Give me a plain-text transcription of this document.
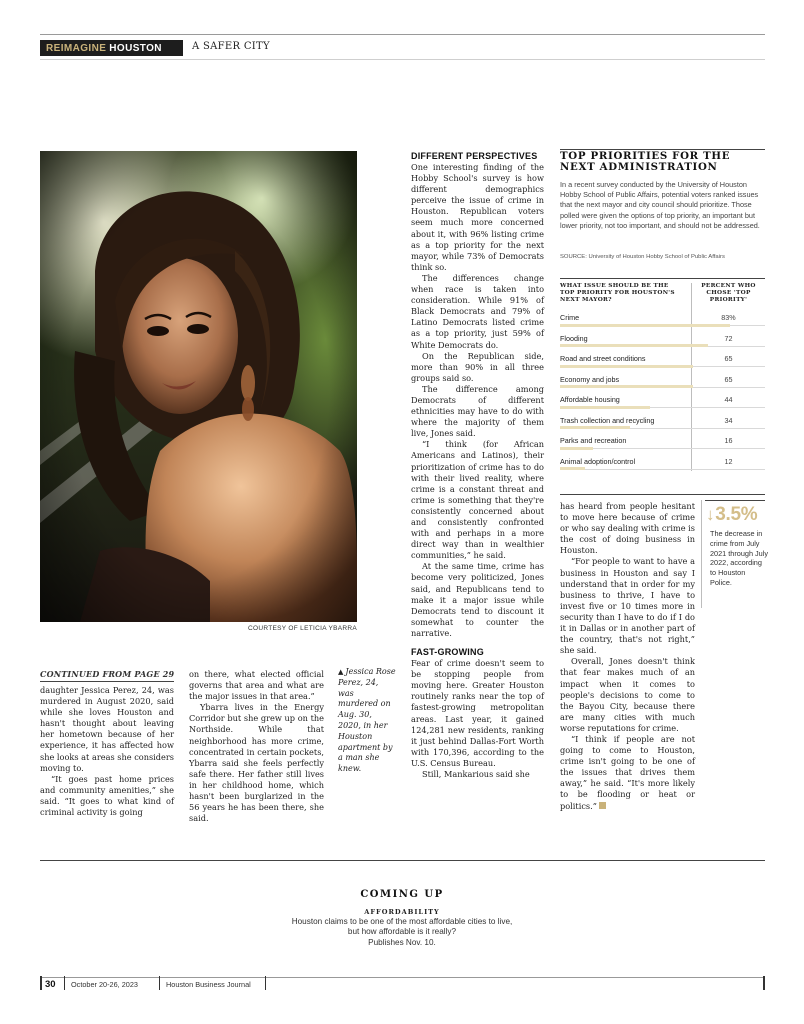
REIMAGINE HOUSTON	A SAFER CITY
COURTESY OF LETICIA YBARRA
CONTINUED FROM PAGE 29

daughter Jessica Perez, 24, was murdered in August 2020, said while she loves Houston and hasn't thought about leaving her hometown because of her experience, it has affected how she looks at areas she considers moving to.

“It goes past home prices and community amenities,” she said. “It goes to what kind of criminal activity is going

on there, what elected official governs that area and what are the major issues in that area.”

Ybarra lives in the Energy Corridor but she grew up on the Northside. While that neighborhood has more crime, concentrated in certain pockets, Ybarra said she feels perfectly safe there. Her father still lives in her childhood home, which hasn't been burglarized in the 56 years he has been there, she said.

▲ Jessica Rose Perez, 24, was murdered on Aug. 30, 2020, in her Houston apartment by a man she knew.
DIFFERENT PERSPECTIVES

One interesting finding of the Hobby School's survey is how different demographics perceive the issue of crime in Houston. Republican voters seem much more concerned about it, with 96% listing crime as a top priority for the next mayor, while 73% of Democrats think so.

The differences change when race is taken into consideration. While 91% of Black Democrats and 79% of Latino Democrats listed crime as a top priority, just 59% of White Democrats do.

On the Republican side, more than 90% in all three groups said so.

The difference among Democrats of different ethnicities may have to do with where the majority of them live, Jones said.

“I think (for African Americans and Latinos), their prioritization of crime has to do with their lived reality, where crime is a constant threat and crime is something that they're consistently concerned about and consistently confronted with and perhaps in a more direct way than in wealthier communities,” he said.

At the same time, crime has become very politicized, Jones said, and Republicans tend to make it a major issue while Democrats tend to discount it somewhat to counter the narrative.

FAST-GROWING

Fear of crime doesn't seem to be stopping people from moving here. Greater Houston routinely ranks near the top of fastest-growing metropolitan areas. Last year, it gained 124,281 new residents, ranking it just behind Dallas-Fort Worth with 170,396, according to the U.S. Census Bureau.

Still, Mankarious said she

has heard from people hesitant to move here because of crime or who say dealing with crime is the cost of doing business in Houston.

“For people to want to have a business in Houston and say I understand that in order for my business to thrive, I have to invest five or 10 times more in security than I have to do if I do it in Dallas or in another part of the country, that's not right,” she said.

Overall, Jones doesn't think that fear makes much of an impact when it comes to people's decisions to come to the Bayou City, because there are many cities with much worse reputations for crime.

“I think if people are not going to come to Houston, crime isn't going to be one of the issues that drives them away,” he said. “It's more likely to be flooding or heat or politics.”

TOP PRIORITIES FOR THE NEXT ADMINISTRATION
In a recent survey conducted by the University of Houston Hobby School of Public Affairs, potential voters ranked issues that the next mayor and city council should prioritize. Those polled were given the options of top priority, an important but lower priority, not too important, and should not be addressed.
SOURCE: University of Houston Hobby School of Public Affairs
WHAT ISSUE SHOULD BE THE TOP PRIORITY FOR HOUSTON'S NEXT MAYOR?
PERCENT WHO CHOSE 'TOP PRIORITY'
Crime	83%
Flooding	72
Road and street conditions	65
Economy and jobs	65
Affordable housing	44
Trash collection and recycling	34
Parks and recreation	16
Animal adoption/control	12
↓3.5%
The decrease in crime from July 2021 through July 2022, according to Houston Police.
COMING UP
AFFORDABILITY
Houston claims to be one of the most affordable cities to live,
but how affordable is it really?
Publishes Nov. 10.
30 October 20-26, 2023	Houston Business Journal
